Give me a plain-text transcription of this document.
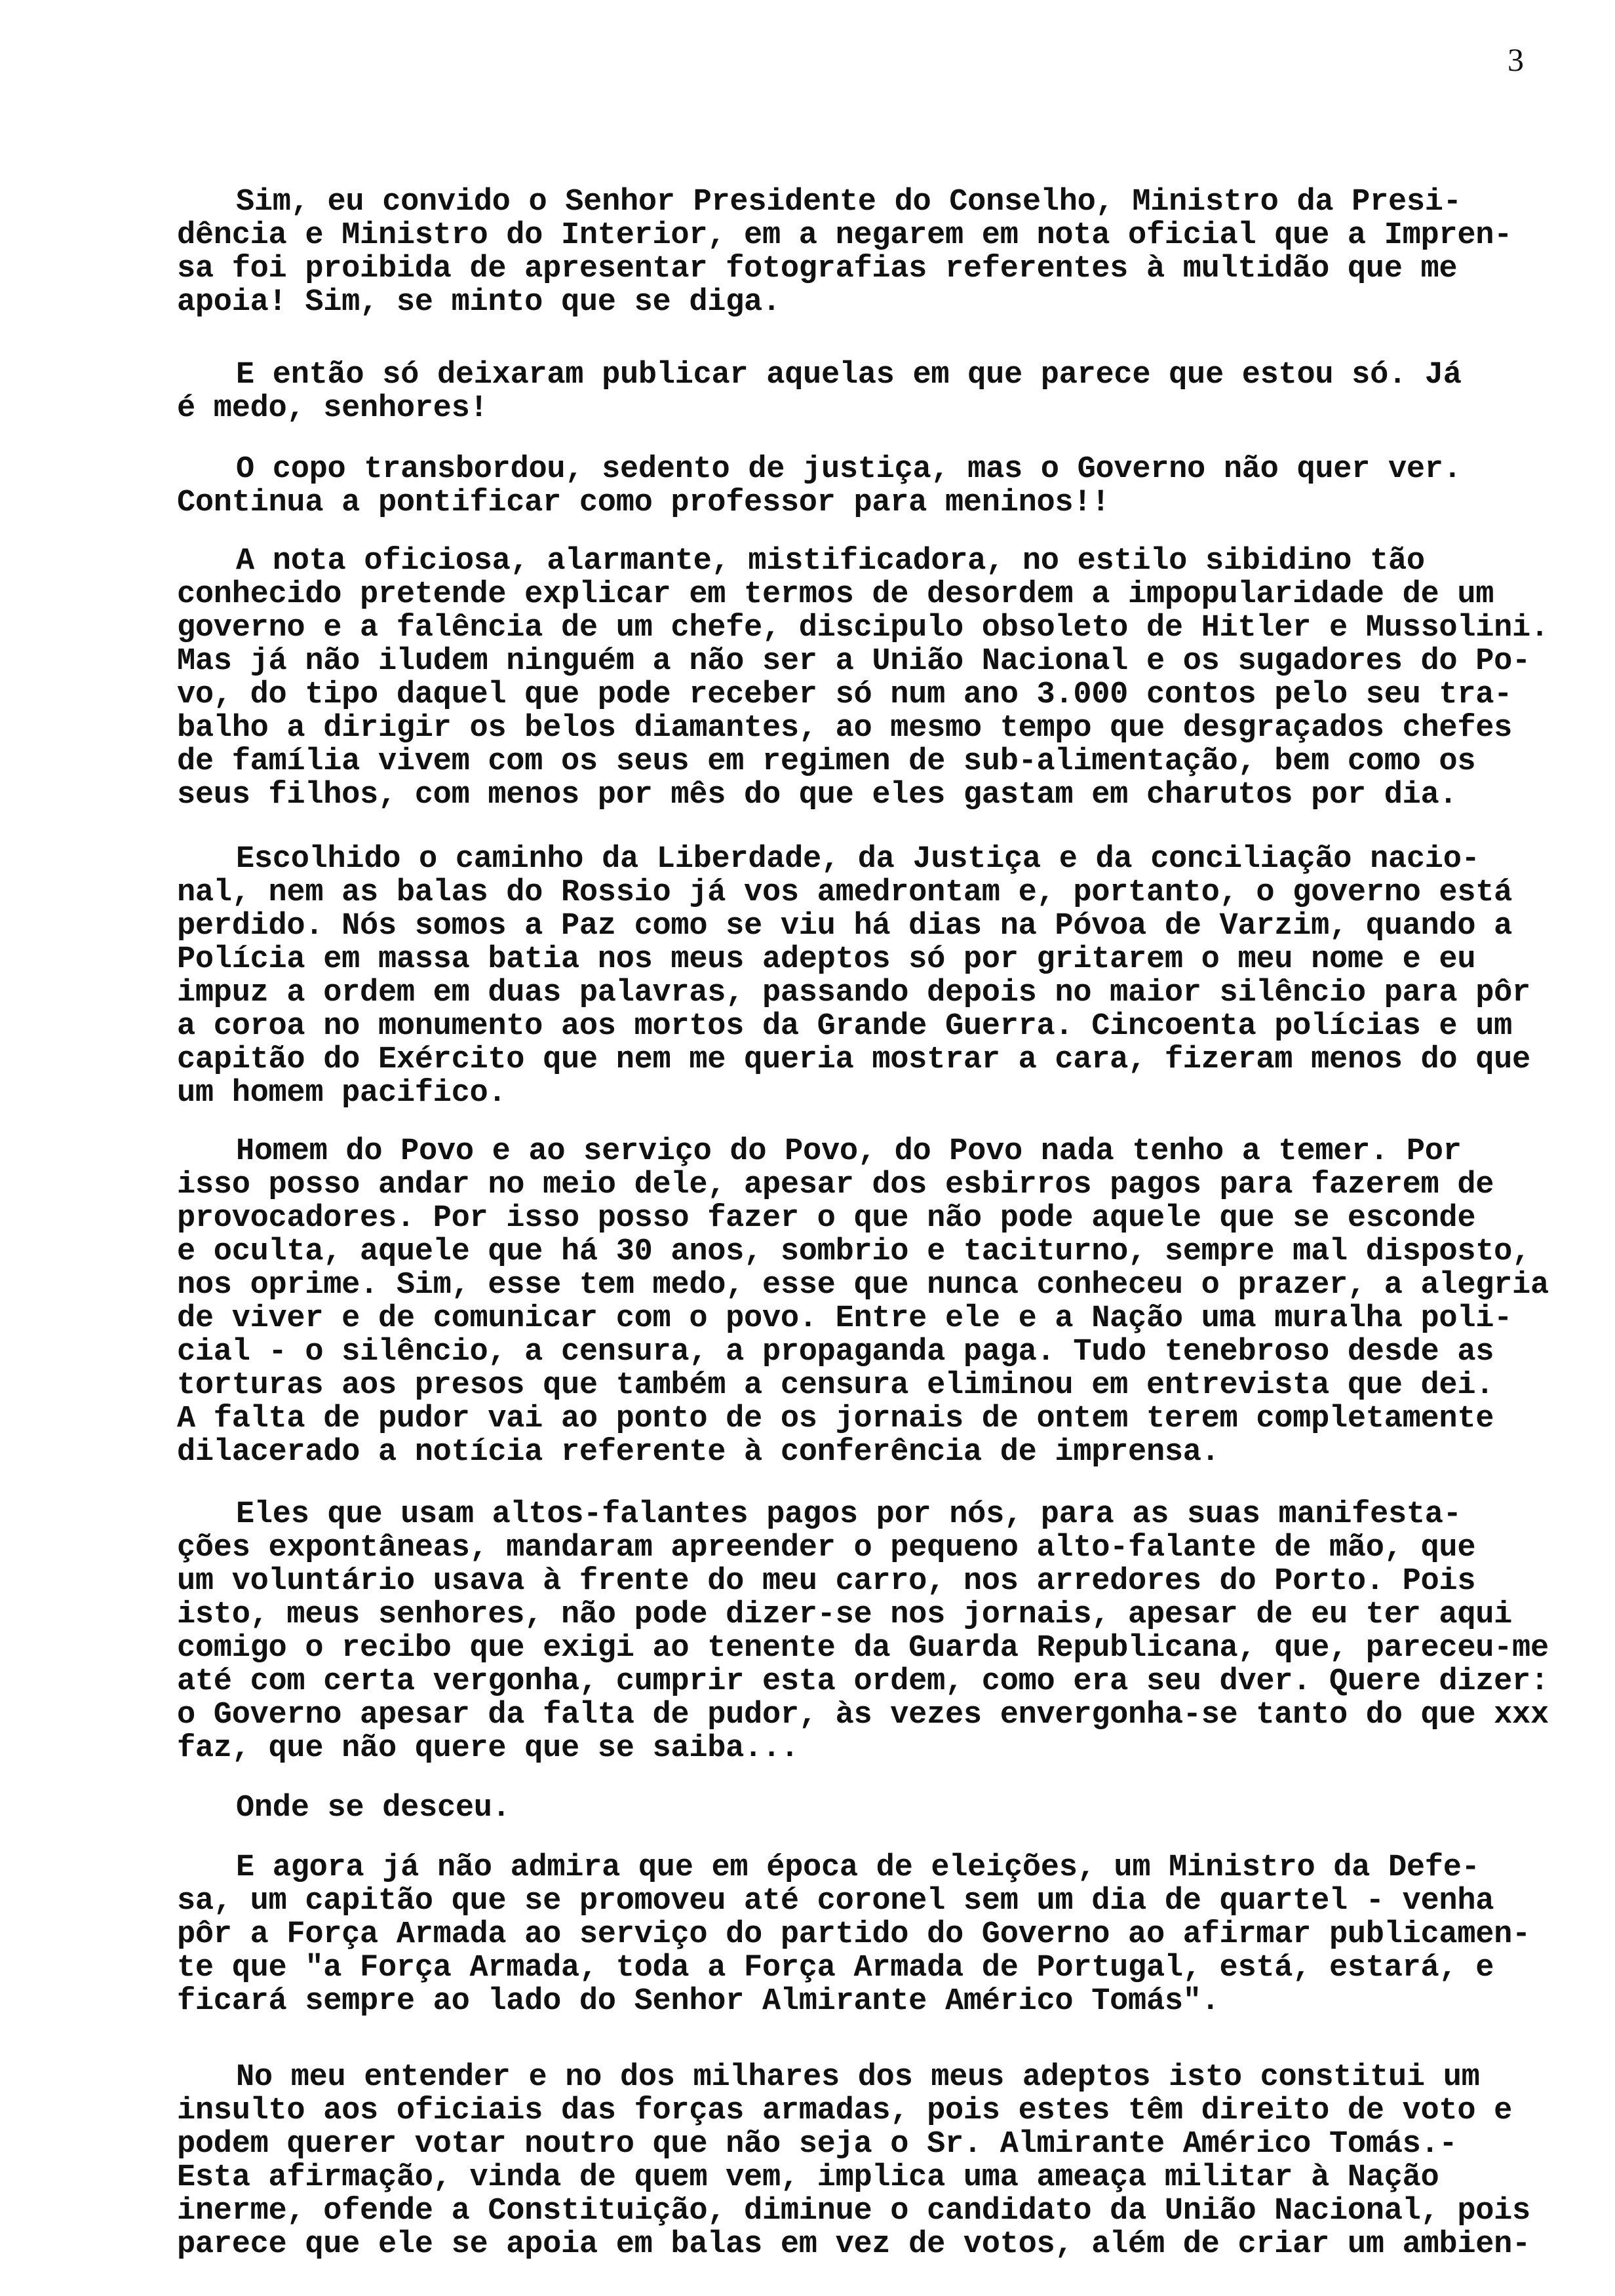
3
Sim, eu convido o Senhor Presidente do Conselho, Ministro da Presi-
dência e Ministro do Interior, em a negarem em nota oficial que a Impren-
sa foi proibida de apresentar fotografias referentes à multidão que me
apoia! Sim, se minto que se diga.
E então só deixaram publicar aquelas em que parece que estou só. Já
é medo, senhores!
O copo transbordou, sedento de justiça, mas o Governo não quer ver.
Continua a pontificar como professor para meninos!!
A nota oficiosa, alarmante, mistificadora, no estilo sibidino tão
conhecido pretende explicar em termos de desordem a impopularidade de um
governo e a falência de um chefe, discipulo obsoleto de Hitler e Mussolini.
Mas já não iludem ninguém a não ser a União Nacional e os sugadores do Po-
vo, do tipo daquel que pode receber só num ano 3.000 contos pelo seu tra-
balho a dirigir os belos diamantes, ao mesmo tempo que desgraçados chefes
de família vivem com os seus em regimen de sub-alimentação, bem como os
seus filhos, com menos por mês do que eles gastam em charutos por dia.
Escolhido o caminho da Liberdade, da Justiça e da conciliação nacio-
nal, nem as balas do Rossio já vos amedrontam e, portanto, o governo está
perdido. Nós somos a Paz como se viu há dias na Póvoa de Varzim, quando a
Polícia em massa batia nos meus adeptos só por gritarem o meu nome e eu
impuz a ordem em duas palavras, passando depois no maior silêncio para pôr
a coroa no monumento aos mortos da Grande Guerra. Cincoenta polícias e um
capitão do Exército que nem me queria mostrar a cara, fizeram menos do que
um homem pacifico.
Homem do Povo e ao serviço do Povo, do Povo nada tenho a temer. Por
isso posso andar no meio dele, apesar dos esbirros pagos para fazerem de
provocadores. Por isso posso fazer o que não pode aquele que se esconde
e oculta, aquele que há 30 anos, sombrio e taciturno, sempre mal disposto,
nos oprime. Sim, esse tem medo, esse que nunca conheceu o prazer, a alegria
de viver e de comunicar com o povo. Entre ele e a Nação uma muralha poli-
cial - o silêncio, a censura, a propaganda paga. Tudo tenebroso desde as
torturas aos presos que também a censura eliminou em entrevista que dei.
A falta de pudor vai ao ponto de os jornais de ontem terem completamente
dilacerado a notícia referente à conferência de imprensa.
Eles que usam altos-falantes pagos por nós, para as suas manifesta-
ções expontâneas, mandaram apreender o pequeno alto-falante de mão, que
um voluntário usava à frente do meu carro, nos arredores do Porto. Pois
isto, meus senhores, não pode dizer-se nos jornais, apesar de eu ter aqui
comigo o recibo que exigi ao tenente da Guarda Republicana, que, pareceu-me
até com certa vergonha, cumprir esta ordem, como era seu dver. Quere dizer:
o Governo apesar da falta de pudor, às vezes envergonha-se tanto do que xxx
faz, que não quere que se saiba...
Onde se desceu.
E agora já não admira que em época de eleições, um Ministro da Defe-
sa, um capitão que se promoveu até coronel sem um dia de quartel - venha
pôr a Força Armada ao serviço do partido do Governo ao afirmar publicamen-
te que "a Força Armada, toda a Força Armada de Portugal, está, estará, e
ficará sempre ao lado do Senhor Almirante Américo Tomás".
No meu entender e no dos milhares dos meus adeptos isto constitui um
insulto aos oficiais das forças armadas, pois estes têm direito de voto e
podem querer votar noutro que não seja o Sr. Almirante Américo Tomás.-
Esta afirmação, vinda de quem vem, implica uma ameaça militar à Nação
inerme, ofende a Constituição, diminue o candidato da União Nacional, pois
parece que ele se apoia em balas em vez de votos, além de criar um ambien-
